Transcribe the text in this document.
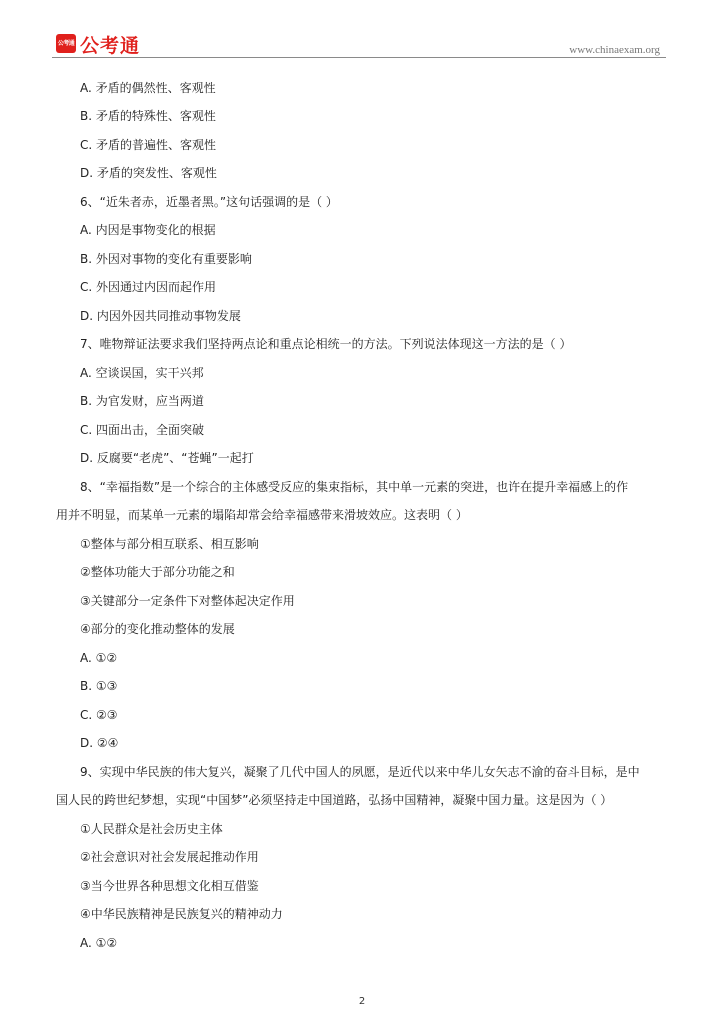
公考通 公考通	www.chinaexam.org
A. 矛盾的偶然性、客观性
B. 矛盾的特殊性、客观性
C. 矛盾的普遍性、客观性
D. 矛盾的突发性、客观性
6、“近朱者赤，近墨者黑。”这句话强调的是（ ）
A. 内因是事物变化的根据
B. 外因对事物的变化有重要影响
C. 外因通过内因而起作用
D. 内因外因共同推动事物发展
7、唯物辩证法要求我们坚持两点论和重点论相统一的方法。下列说法体现这一方法的是（ ）
A. 空谈误国，实干兴邦
B. 为官发财，应当两道
C. 四面出击，全面突破
D. 反腐要“老虎”、“苍蝇”一起打
8、“幸福指数”是一个综合的主体感受反应的集束指标，其中单一元素的突进，也许在提升幸福感上的作
用并不明显，而某单一元素的塌陷却常会给幸福感带来滑坡效应。这表明（ ）
①整体与部分相互联系、相互影响
②整体功能大于部分功能之和
③关键部分一定条件下对整体起决定作用
④部分的变化推动整体的发展
A. ①②
B. ①③
C. ②③
D. ②④
9、实现中华民族的伟大复兴，凝聚了几代中国人的夙愿，是近代以来中华儿女矢志不渝的奋斗目标，是中
国人民的跨世纪梦想，实现“中国梦”必须坚持走中国道路，弘扬中国精神，凝聚中国力量。这是因为（ ）
①人民群众是社会历史主体
②社会意识对社会发展起推动作用
③当今世界各种思想文化相互借鉴
④中华民族精神是民族复兴的精神动力
A. ①②
2
